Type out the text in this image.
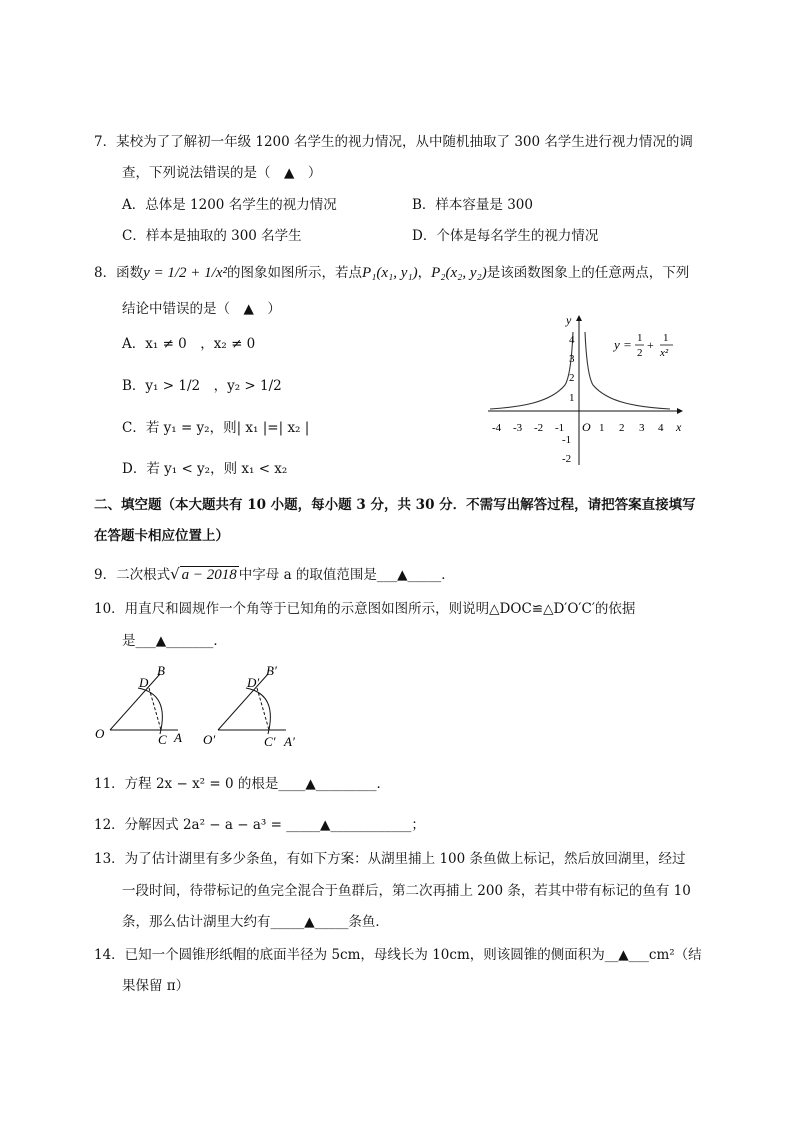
7．某校为了了解初一年级 1200 名学生的视力情况，从中随机抽取了 300 名学生进行视力情况的调
查，下列说法错误的是（　▲　）
A．总体是 1200 名学生的视力情况	B．样本容量是 300
C．样本是抽取的 300 名学生	D．个体是每名学生的视力情况
8．函数y = 1/2 + 1/x²的图象如图所示，若点P₁(x₁, y₁)，P₂(x₂, y₂)是该函数图象上的任意两点，下列
结论中错误的是（　▲　）
A．x₁ ≠ 0　，x₂ ≠ 0
B．y₁ > 1/2　，y₂ > 1/2
C．若 y₁ = y₂，则| x₁ |=| x₂ |
D．若 y₁ < y₂，则 x₁ < x₂
y
x
O
-4 -3 -2 -1	1 2 3 4
4
3
2
1
-1
-2
y = 1
2
+ 1
x²
二、填空题（本大题共有 10 小题，每小题 3 分，共 30 分．不需写出解答过程，请把答案直接填写
在答题卡相应位置上）
9．二次根式√ a − 2018 中字母 a 的取值范围是___▲_____．
10．用直尺和圆规作一个角等于已知角的示意图如图所示，则说明△DOC≌△D′O′C′的依据
是___▲_______．
O
D
B
C A O′
D′
B′
C′ A′
11．方程 2x − x² = 0 的根是____▲_________．
12．分解因式 2a² − a − a³ = _____▲____________；
13．为了估计湖里有多少条鱼，有如下方案：从湖里捕上 100 条鱼做上标记，然后放回湖里，经过
一段时间，待带标记的鱼完全混合于鱼群后，第二次再捕上 200 条，若其中带有标记的鱼有 10
条，那么估计湖里大约有_____▲_____条鱼．
14．已知一个圆锥形纸帽的底面半径为 5cm，母线长为 10cm，则该圆锥的侧面积为__▲___cm²（结
果保留 π）
